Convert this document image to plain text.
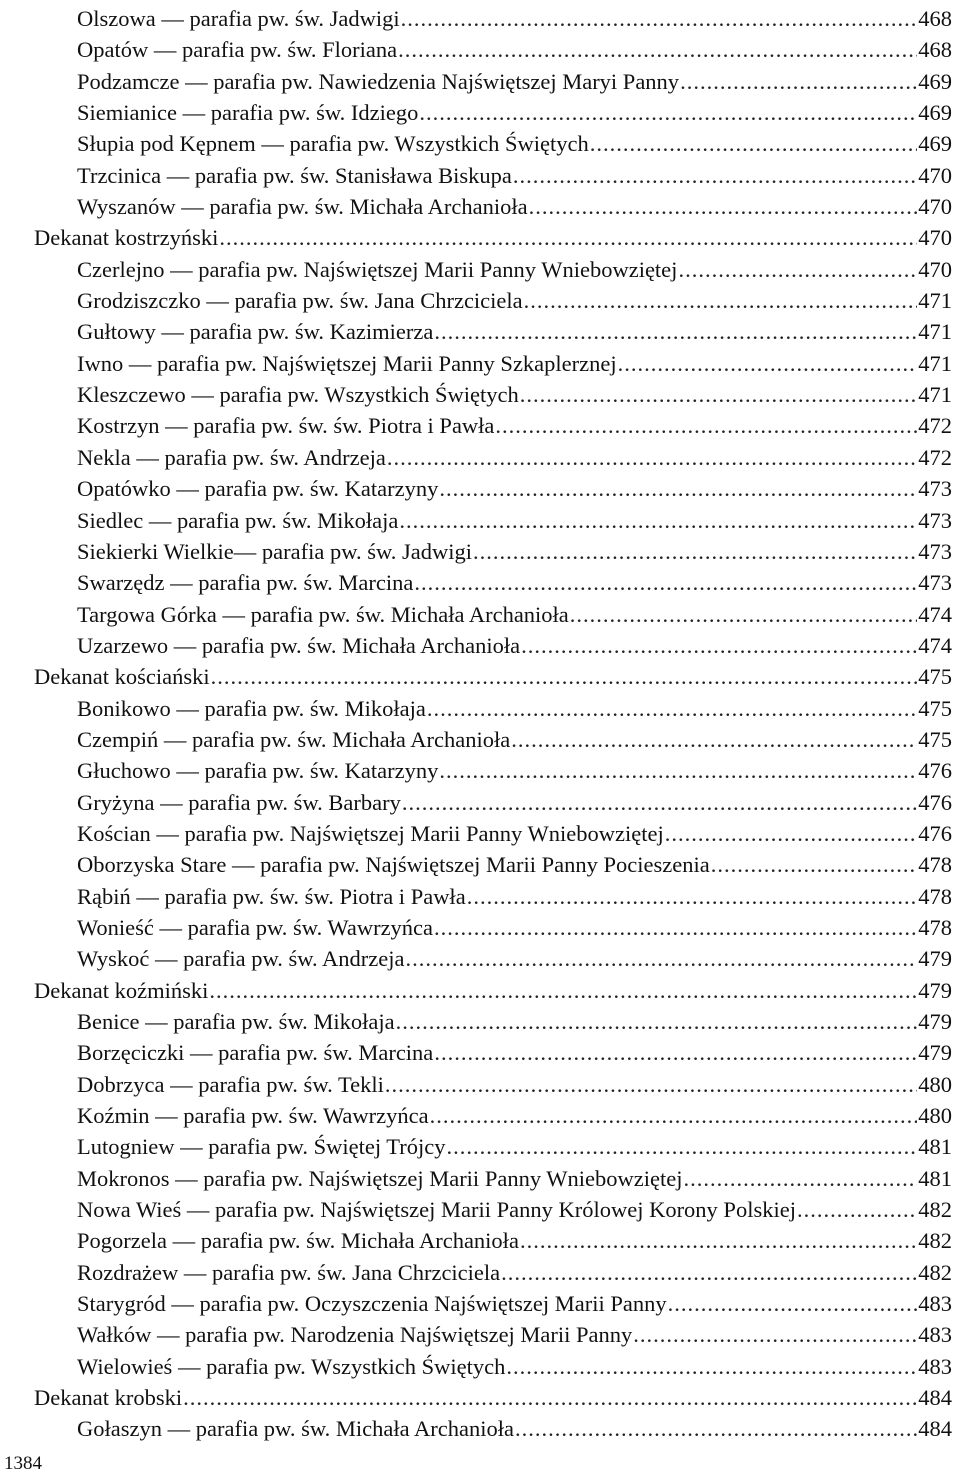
Olszowa — parafia pw. św. Jadwigi .....	468
Opatów — parafia pw. św. Floriana .....	468
Podzamcze — parafia pw. Nawiedzenia Najświętszej Maryi Panny .....	469
Siemianice — parafia pw. św. Idziego .....	469
Słupia pod Kępnem — parafia pw. Wszystkich Świętych .....	469
Trzcinica — parafia pw. św. Stanisława Biskupa .....	470
Wyszanów — parafia pw. św. Michała Archanioła .....	470
Dekanat kostrzyński .....	470
Czerlejno — parafia pw. Najświętszej Marii Panny Wniebowziętej .....	470
Grodziszczko — parafia pw. św. Jana Chrzciciela .....	471
Gułtowy — parafia pw. św. Kazimierza .....	471
Iwno — parafia pw. Najświętszej Marii Panny Szkaplerznej .....	471
Kleszczewo — parafia pw. Wszystkich Świętych .....	471
Kostrzyn — parafia pw. św. św. Piotra i Pawła .....	472
Nekla — parafia pw. św. Andrzeja .....	472
Opatówko — parafia pw. św. Katarzyny .....	473
Siedlec — parafia pw. św. Mikołaja .....	473
Siekierki Wielkie— parafia pw. św. Jadwigi .....	473
Swarzędz — parafia pw. św. Marcina .....	473
Targowa Górka — parafia pw. św. Michała Archanioła .....	474
Uzarzewo — parafia pw. św. Michała Archanioła .....	474
Dekanat kościański .....	475
Bonikowo — parafia pw. św. Mikołaja .....	475
Czempiń — parafia pw. św. Michała Archanioła .....	475
Głuchowo — parafia pw. św. Katarzyny .....	476
Gryżyna — parafia pw. św. Barbary .....	476
Kościan — parafia pw. Najświętszej Marii Panny Wniebowziętej .....	476
Oborzyska Stare — parafia pw. Najświętszej Marii Panny Pocieszenia .....	478
Rąbiń — parafia pw. św. św. Piotra i Pawła .....	478
Wonieść — parafia pw. św. Wawrzyńca .....	478
Wyskoć — parafia pw. św. Andrzeja .....	479
Dekanat koźmiński .....	479
Benice — parafia pw. św. Mikołaja .....	479
Borzęciczki — parafia pw. św. Marcina .....	479
Dobrzyca — parafia pw. św. Tekli .....	480
Koźmin — parafia pw. św. Wawrzyńca .....	480
Lutogniew — parafia pw. Świętej Trójcy .....	481
Mokronos — parafia pw. Najświętszej Marii Panny Wniebowziętej .....	481
Nowa Wieś — parafia pw. Najświętszej Marii Panny Królowej Korony Polskiej .....	482
Pogorzela — parafia pw. św. Michała Archanioła .....	482
Rozdrażew — parafia pw. św. Jana Chrzciciela .....	482
Starygród — parafia pw. Oczyszczenia Najświętszej Marii Panny .....	483
Wałków — parafia pw. Narodzenia Najświętszej Marii Panny .....	483
Wielowieś — parafia pw. Wszystkich Świętych .....	483
Dekanat krobski .....	484
Gołaszyn — parafia pw. św. Michała Archanioła .....	484
1384
